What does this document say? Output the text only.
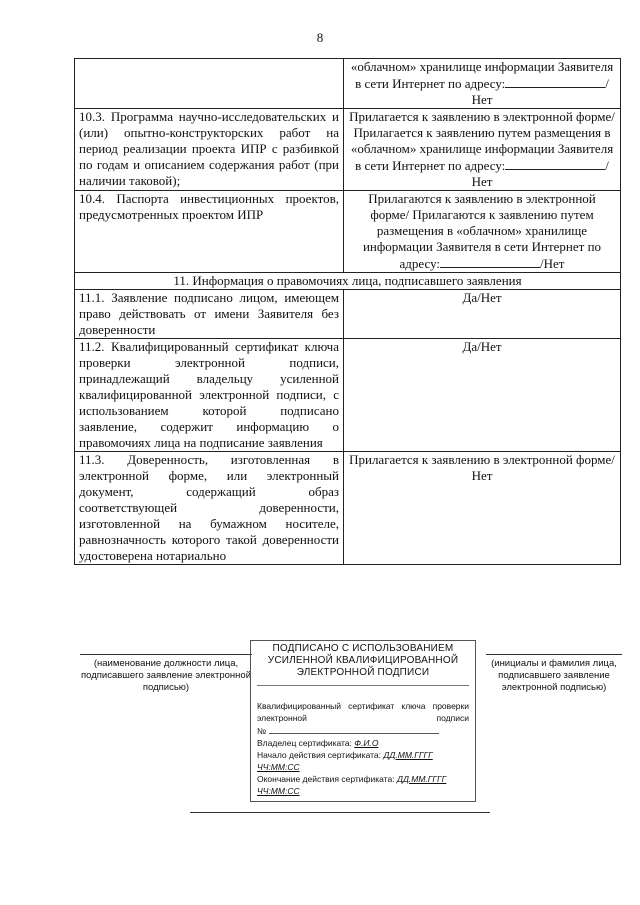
8
	«облачном» хранилище информации Заявителя в сети Интернет по адресу: /Нет
10.3. Программа научно-исследовательских и (или) опытно-конструкторских работ на период реализации проекта ИПР с разбивкой по годам и описанием содержания работ (при наличии таковой);	Прилагается к заявлению в электронной форме/ Прилагается к заявлению путем размещения в «облачном» хранилище информации Заявителя в сети Интернет по адресу: /Нет
10.4. Паспорта инвестиционных проектов, предусмотренных проектом ИПР	Прилагаются к заявлению в электронной форме/ Прилагаются к заявлению путем размещения в «облачном» хранилище информации Заявителя в сети Интернет по адресу: /Нет
11. Информация о правомочиях лица, подписавшего заявления	
11.1. Заявление подписано лицом, имеющем право действовать от имени Заявителя без доверенности	Да/Нет
11.2. Квалифицированный сертификат ключа проверки электронной подписи, принадлежащий владельцу усиленной квалифицированной электронной подписи, с использованием которой подписано заявление, содержит информацию о правомочиях лица на подписание заявления	Да/Нет
11.3. Доверенность, изготовленная в электронной форме, или электронный документ, содержащий образ соответствующей доверенности, изготовленной на бумажном носителе, равнозначность которого такой доверенности удостоверена нотариально	Прилагается к заявлению в электронной форме/Нет
(наименование должности лица, подписавшего заявление электронной подписью)
(инициалы и фамилия лица, подписавшего заявление электронной подписью)
ПОДПИСАНО С ИСПОЛЬЗОВАНИЕМ УСИЛЕННОЙ КВАЛИФИЦИРОВАННОЙ ЭЛЕКТРОННОЙ ПОДПИСИ
Квалифицированный сертификат ключа проверки электронной подписи
№
Владелец сертификата: Ф.И.О
Начало действия сертификата: ДД.ММ.ГГГГ ЧЧ:ММ:СС
Окончание действия сертификата: ДД.ММ.ГГГГ ЧЧ:ММ:СС
